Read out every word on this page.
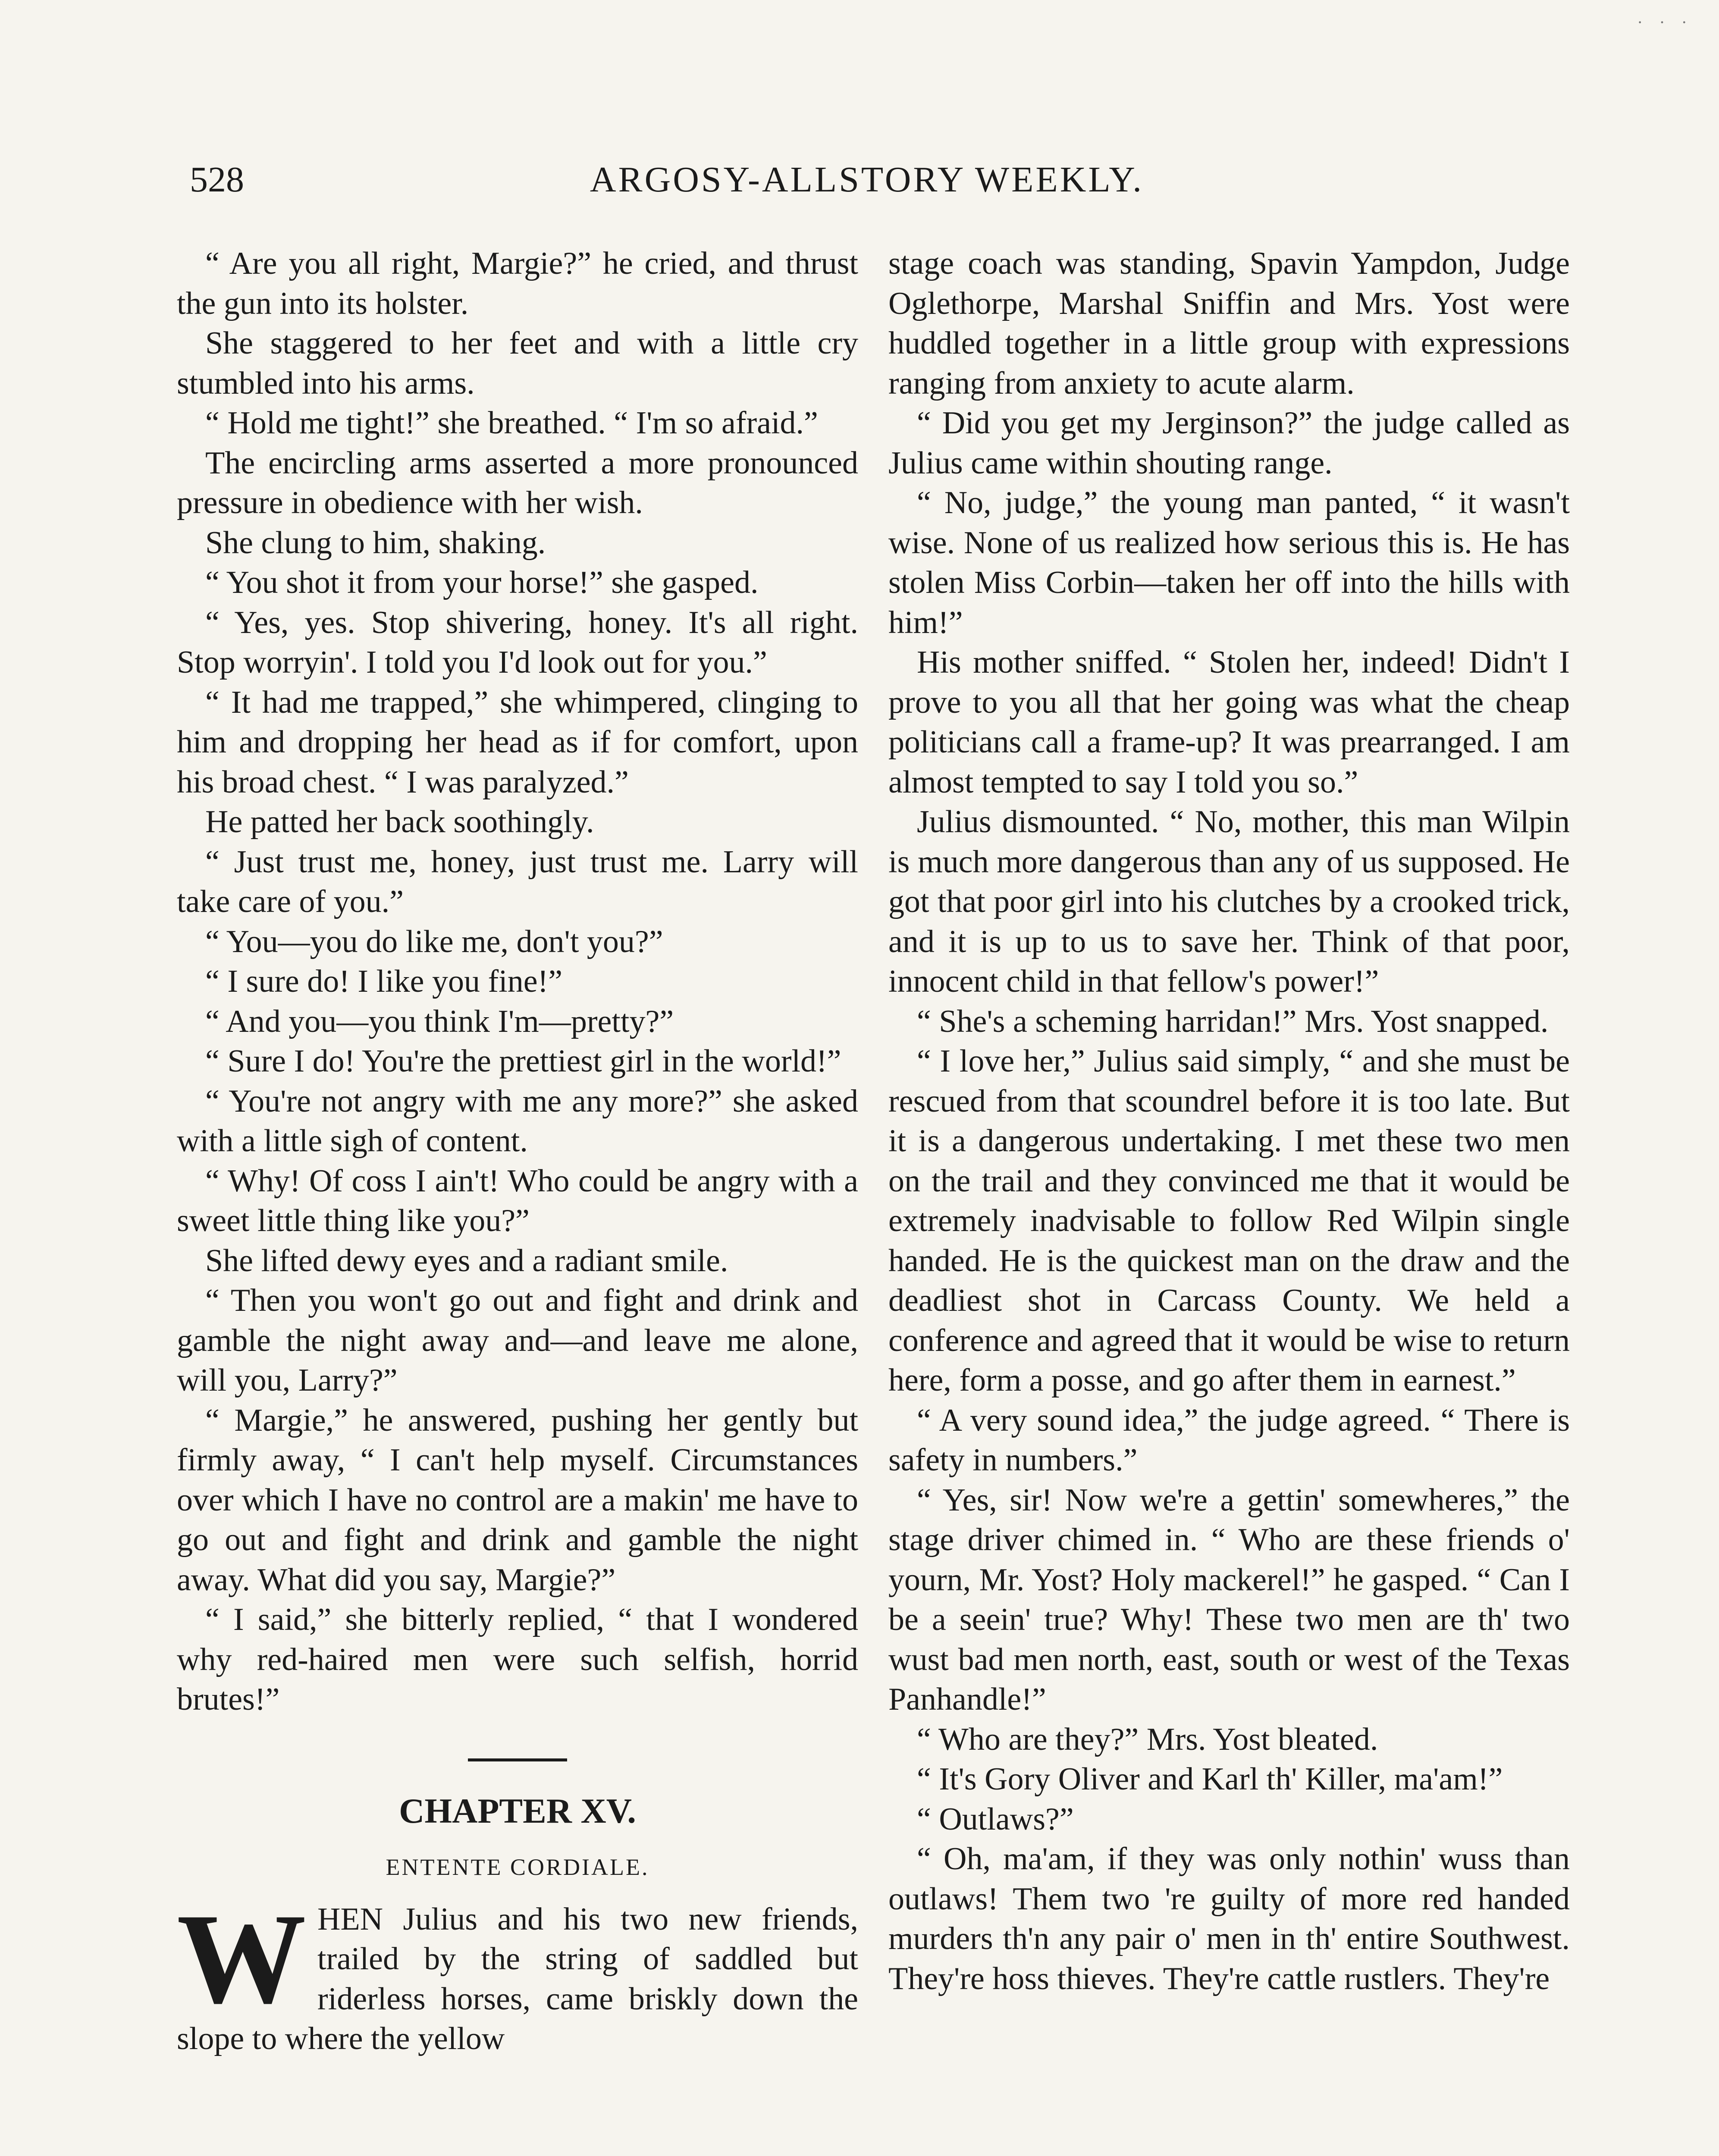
· · ·
ARGOSY-ALLSTORY WEEKLY.
528

“ Are you all right, Margie?” he cried, and thrust the gun into its holster.

She staggered to her feet and with a little cry stumbled into his arms.

“ Hold me tight!” she breathed. “ I'm so afraid.”

The encircling arms asserted a more pronounced pressure in obedience with her wish.

She clung to him, shaking.

“ You shot it from your horse!” she gasped.

“ Yes, yes. Stop shivering, honey. It's all right. Stop worryin'. I told you I'd look out for you.”

“ It had me trapped,” she whimpered, clinging to him and dropping her head as if for comfort, upon his broad chest. “ I was paralyzed.”

He patted her back soothingly.

“ Just trust me, honey, just trust me. Larry will take care of you.”

“ You—you do like me, don't you?”

“ I sure do! I like you fine!”

“ And you—you think I'm—pretty?”

“ Sure I do! You're the prettiest girl in the world!”

“ You're not angry with me any more?” she asked with a little sigh of content.

“ Why! Of coss I ain't! Who could be angry with a sweet little thing like you?”

She lifted dewy eyes and a radiant smile.

“ Then you won't go out and fight and drink and gamble the night away and—and leave me alone, will you, Larry?”

“ Margie,” he answered, pushing her gently but firmly away, “ I can't help myself. Circumstances over which I have no control are a makin' me have to go out and fight and drink and gamble the night away. What did you say, Margie?”

“ I said,” she bitterly replied, “ that I wondered why red-haired men were such selfish, horrid brutes!”

CHAPTER XV.
ENTENTE CORDIALE.

WHEN Julius and his two new friends, trailed by the string of saddled but riderless horses, came briskly down the slope to where the yellow

stage coach was standing, Spavin Yampdon, Judge Oglethorpe, Marshal Sniffin and Mrs. Yost were huddled together in a little group with expressions ranging from anxiety to acute alarm.

“ Did you get my Jerginson?” the judge called as Julius came within shouting range.

“ No, judge,” the young man panted, “ it wasn't wise. None of us realized how serious this is. He has stolen Miss Corbin—taken her off into the hills with him!”

His mother sniffed. “ Stolen her, indeed! Didn't I prove to you all that her going was what the cheap politicians call a frame-up? It was prearranged. I am almost tempted to say I told you so.”

Julius dismounted. “ No, mother, this man Wilpin is much more dangerous than any of us supposed. He got that poor girl into his clutches by a crooked trick, and it is up to us to save her. Think of that poor, innocent child in that fellow's power!”

“ She's a scheming harridan!” Mrs. Yost snapped.

“ I love her,” Julius said simply, “ and she must be rescued from that scoundrel before it is too late. But it is a dangerous undertaking. I met these two men on the trail and they convinced me that it would be extremely inadvisable to follow Red Wilpin single handed. He is the quickest man on the draw and the deadliest shot in Carcass County. We held a conference and agreed that it would be wise to return here, form a posse, and go after them in earnest.”

“ A very sound idea,” the judge agreed. “ There is safety in numbers.”

“ Yes, sir! Now we're a gettin' somewheres,” the stage driver chimed in. “ Who are these friends o' yourn, Mr. Yost? Holy mackerel!” he gasped. “ Can I be a seein' true? Why! These two men are th' two wust bad men north, east, south or west of the Texas Panhandle!”

“ Who are they?” Mrs. Yost bleated.

“ It's Gory Oliver and Karl th' Killer, ma'am!”

“ Outlaws?”

“ Oh, ma'am, if they was only nothin' wuss than outlaws! Them two 're guilty of more red handed murders th'n any pair o' men in th' entire Southwest. They're hoss thieves. They're cattle rustlers. They're
